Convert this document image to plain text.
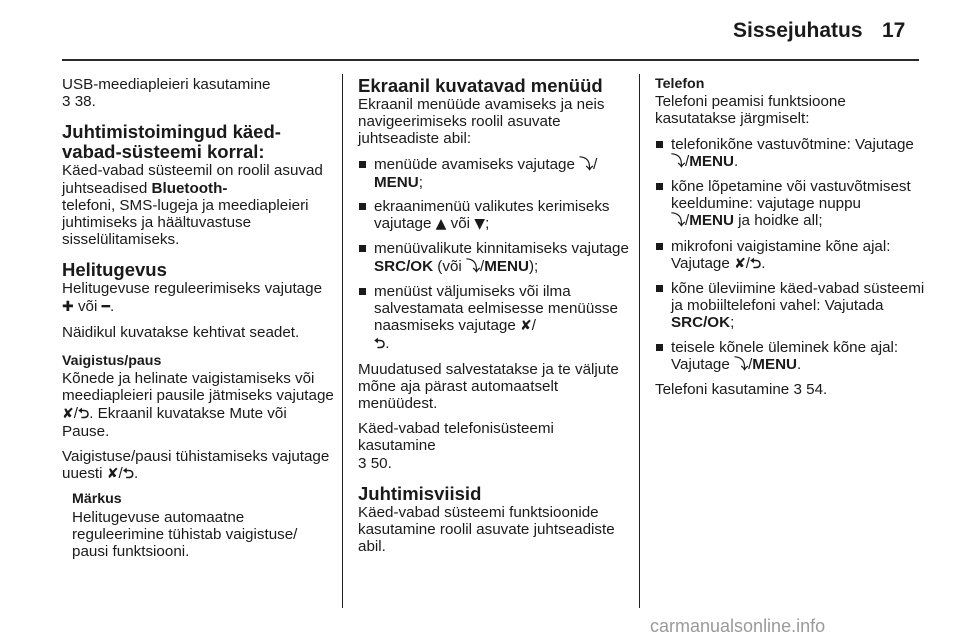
Sissejuhatus 17

USB-meediapleieri kasutamine
3 38.

Juhtimistoimingud käed-vabad-süsteemi korral:

Käed-vabad süsteemil on roolil asuvad juhtseadised Bluetooth-
telefoni, SMS-lugeja ja meediapleieri juhtimiseks ja häältuvastuse sisselülitamiseks.

Helitugevus

Helitugevuse reguleerimiseks vajutage ✚ või ━.

Näidikul kuvatakse kehtivat seadet.

Vaigistus/paus

Kõnede ja helinate vaigistamiseks või meediapleieri pausile jätmiseks vajutage ✘/⮌. Ekraanil kuvatakse Mute või Pause.

Vaigistuse/pausi tühistamiseks vajutage uuesti ✘/⮌.

Märkus

Helitugevuse automaatne reguleerimine tühistab vaigistuse/ pausi funktsiooni.

Ekraanil kuvatavad menüüd

Ekraanil menüüde avamiseks ja neis navigeerimiseks roolil asuvate juhtseadiste abil:

menüüde avamiseks vajutage ⤵/
MENU;
ekraanimenüü valikutes kerimiseks vajutage ▲ või ▼;
menüüvalikute kinnitamiseks vajutage SRC/OK (või ⤵/MENU);
menüüst väljumiseks või ilma salvestamata eelmisesse menüüsse naasmiseks vajutage ✘/
⮌.

Muudatused salvestatakse ja te väljute mõne aja pärast automaatselt menüüdest.

Käed-vabad telefonisüsteemi kasutamine
3 50.

Juhtimisviisid

Käed-vabad süsteemi funktsioonide kasutamine roolil asuvate juhtseadiste abil.

Telefon

Telefoni peamisi funktsioone kasutatakse järgmiselt:

telefonikõne vastuvõtmine: Vajutage ⤵/MENU.
kõne lõpetamine või vastuvõtmisest keeldumine: vajutage nuppu ⤵/MENU ja hoidke all;
mikrofoni vaigistamine kõne ajal: Vajutage ✘/⮌.
kõne üleviimine käed-vabad süsteemi ja mobiiltelefoni vahel: Vajutada SRC/OK;
teisele kõnele üleminek kõne ajal: Vajutage ⤵/MENU.

Telefoni kasutamine 3 54.

carmanualsonline.info
